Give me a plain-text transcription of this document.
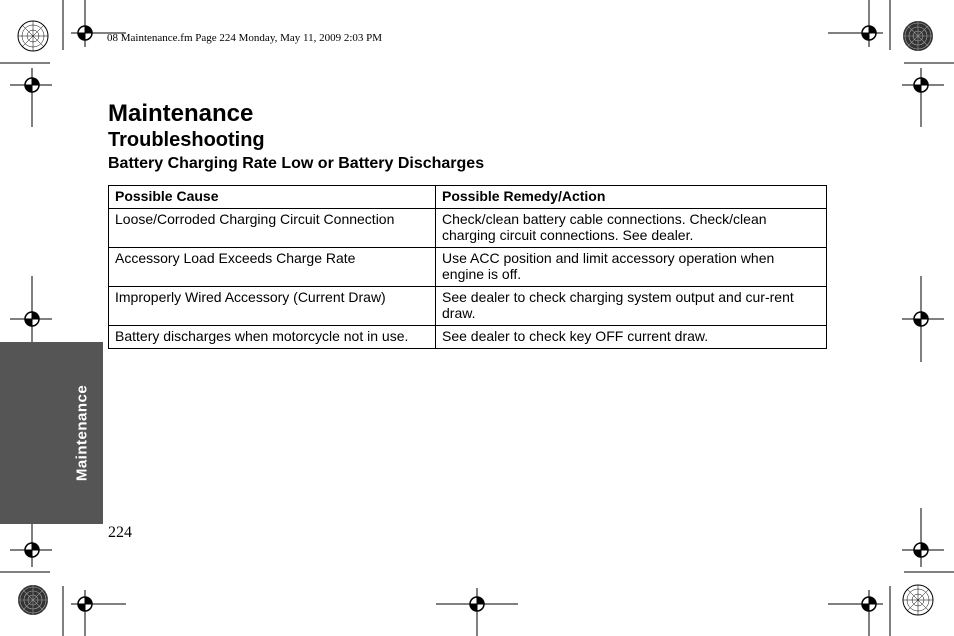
08 Maintenance.fm Page 224 Monday, May 11, 2009 2:03 PM
Maintenance
Troubleshooting
Battery Charging Rate Low or Battery Discharges
Possible Cause	Possible Remedy/Action
Loose/Corroded Charging Circuit Connection	Check/clean battery cable connections. Check/clean charging circuit connections. See dealer.
Accessory Load Exceeds Charge Rate	Use ACC position and limit accessory operation when engine is off.
Improperly Wired Accessory (Current Draw)	See dealer to check charging system output and cur-rent draw.
Battery discharges when motorcycle not in use.	See dealer to check key OFF current draw.
Maintenance
224
